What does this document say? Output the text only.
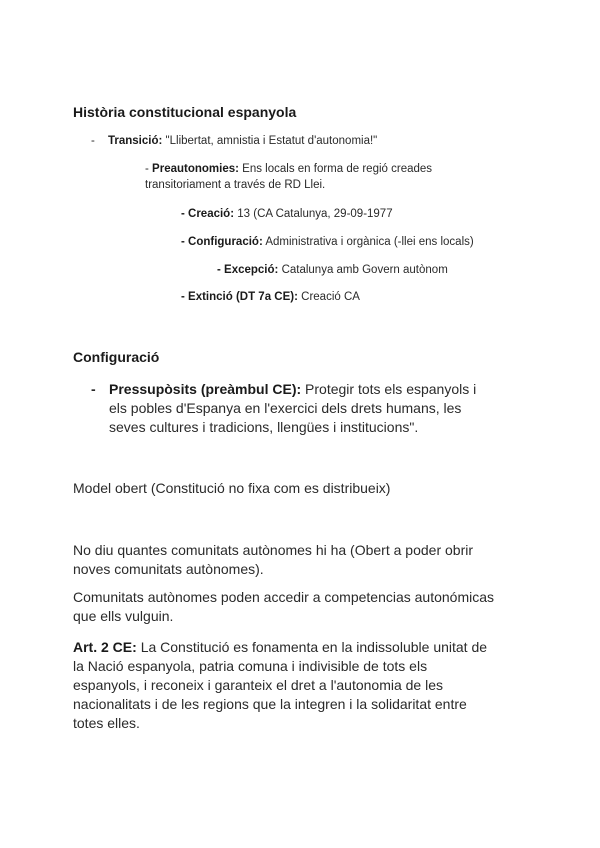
Història constitucional espanyola
- Transició: "Llibertat, amnistia i Estatut d'autonomia!"
- Preautonomies: Ens locals en forma de regió creades
transitoriament a través de RD Llei.
- Creació: 13 (CA Catalunya, 29-09-1977
- Configuració: Administrativa i orgànica (-llei ens locals)
- Excepció: Catalunya amb Govern autònom
- Extinció (DT 7a CE): Creació CA
Configuració
- Pressupòsits (preàmbul CE): Protegir tots els espanyols i
els pobles d'Espanya en l'exercici dels drets humans, les
seves cultures i tradicions, llengües i institucions".
Model obert (Constitució no fixa com es distribueix)
No diu quantes comunitats autònomes hi ha (Obert a poder obrir
noves comunitats autònomes).
Comunitats autònomes poden accedir a competencias autonómicas
que ells vulguin.
Art. 2 CE: La Constitució es fonamenta en la indissoluble unitat de
la Nació espanyola, patria comuna i indivisible de tots els
espanyols, i reconeix i garanteix el dret a l'autonomia de les
nacionalitats i de les regions que la integren i la solidaritat entre
totes elles.
